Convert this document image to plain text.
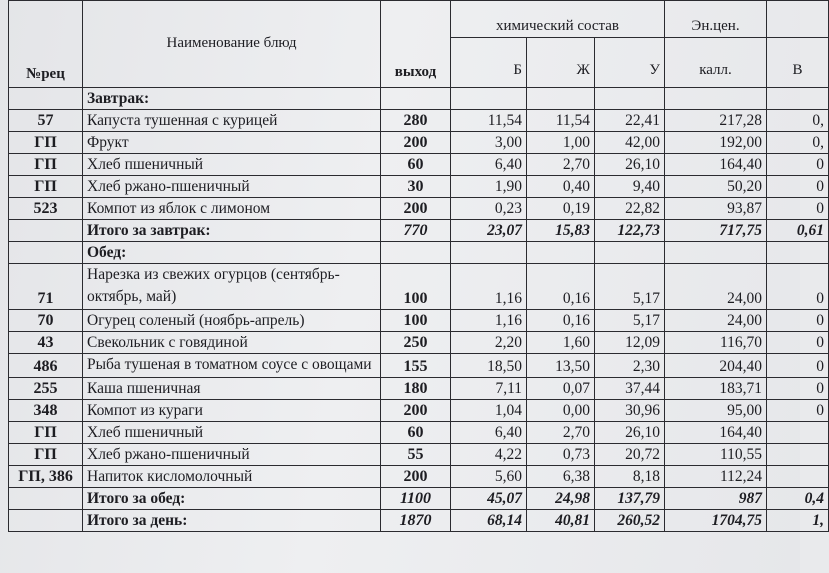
№рец	Наименование блюд	выход	химический состав			Эн.цен.	
			Б	Ж	У	калл.	В
	Завтрак:						
57	Капуста тушенная с курицей	280	11,54	11,54	22,41	217,28	0,
ГП	Фрукт	200	3,00	1,00	42,00	192,00	0,
ГП	Хлеб пшеничный	60	6,40	2,70	26,10	164,40	0
ГП	Хлеб ржано-пшеничный	30	1,90	0,40	9,40	50,20	0
523	Компот из яблок с лимоном	200	0,23	0,19	22,82	93,87	0
	Итого за завтрак:	770	23,07	15,83	122,73	717,75	0,61
	Обед:						
71	Нарезка из свежих огурцов (сентябрь-октябрь, май)	100	1,16	0,16	5,17	24,00	0
70	Огурец соленый (ноябрь-апрель)	100	1,16	0,16	5,17	24,00	0
43	Свекольник с говядиной	250	2,20	1,60	12,09	116,70	0
486	Рыба тушеная в томатном соусе с овощами	155	18,50	13,50	2,30	204,40	0
255	Каша пшеничная	180	7,11	0,07	37,44	183,71	0
348	Компот из кураги	200	1,04	0,00	30,96	95,00	0
ГП	Хлеб пшеничный	60	6,40	2,70	26,10	164,40	
ГП	Хлеб ржано-пшеничный	55	4,22	0,73	20,72	110,55	
ГП, 386	Напиток кисломолочный	200	5,60	6,38	8,18	112,24	
	Итого за обед:	1100	45,07	24,98	137,79	987	0,4
	Итого за день:	1870	68,14	40,81	260,52	1704,75	1,
